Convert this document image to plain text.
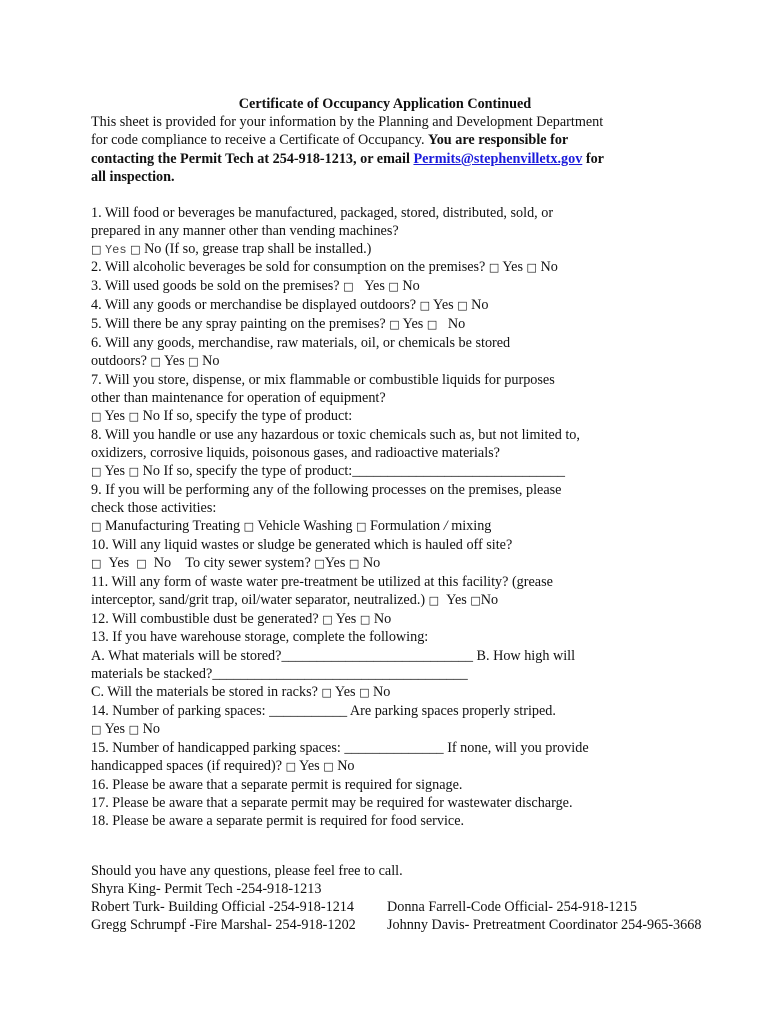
Certificate of Occupancy Application Continued
This sheet is provided for your information by the Planning and Development Department
for code compliance to receive a Certificate of Occupancy. You are responsible for
contacting the Permit Tech at 254-918-1213, or email Permits@stephenvilletx.gov for
all inspection.
1. Will food or beverages be manufactured, packaged, stored, distributed, sold, or
prepared in any manner other than vending machines?
□ Yes □ No (If so, grease trap shall be installed.)
2. Will alcoholic beverages be sold for consumption on the premises? □ Yes □ No
3. Will used goods be sold on the premises? □ Yes □ No
4. Will any goods or merchandise be displayed outdoors? □ Yes □ No
5. Will there be any spray painting on the premises? □ Yes □ No
6. Will any goods, merchandise, raw materials, oil, or chemicals be stored
outdoors? □ Yes □ No
7. Will you store, dispense, or mix flammable or combustible liquids for purposes
other than maintenance for operation of equipment?
□ Yes □ No If so, specify the type of product:
8. Will you handle or use any hazardous or toxic chemicals such as, but not limited to,
oxidizers, corrosive liquids, poisonous gases, and radioactive materials?
□ Yes □ No If so, specify the type of product:______________________________
9. If you will be performing any of the following processes on the premises, please
check those activities:
□ Manufacturing Treating □ Vehicle Washing □ Formulation / mixing
10. Will any liquid wastes or sludge be generated which is hauled off site?
□ Yes □ No To city sewer system? □Yes □ No
11. Will any form of waste water pre-treatment be utilized at this facility? (grease
interceptor, sand/grit trap, oil/water separator, neutralized.) □ Yes □No
12. Will combustible dust be generated? □ Yes □ No
13. If you have warehouse storage, complete the following:
A. What materials will be stored?___________________________ B. How high will
materials be stacked?____________________________________
C. Will the materials be stored in racks? □ Yes □ No
14. Number of parking spaces: ___________ Are parking spaces properly striped.
□ Yes □ No
15. Number of handicapped parking spaces: ______________ If none, will you provide
handicapped spaces (if required)? □ Yes □ No
16. Please be aware that a separate permit is required for signage.
17. Please be aware that a separate permit may be required for wastewater discharge.
18. Please be aware a separate permit is required for food service.
Should you have any questions, please feel free to call.
Shyra King- Permit Tech -254-918-1213
Robert Turk- Building Official -254-918-1214 Donna Farrell-Code Official- 254-918-1215
Gregg Schrumpf -Fire Marshal- 254-918-1202 Johnny Davis- Pretreatment Coordinator 254-965-3668
